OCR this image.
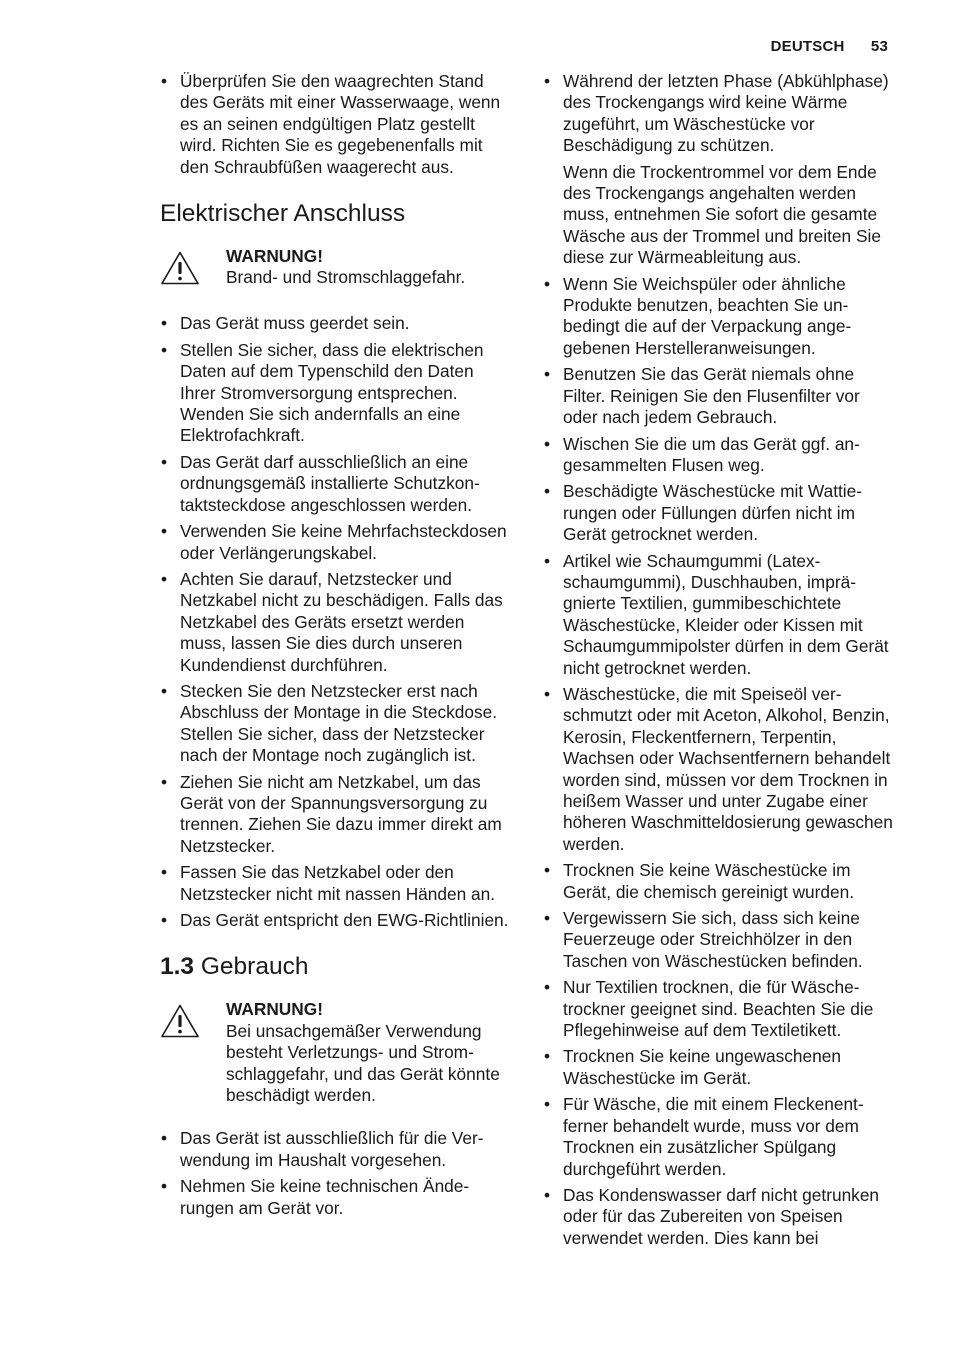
DEUTSCH 53
• Überprüfen Sie den waagrechten Stand des Geräts mit einer Wasserwaage, wenn es an seinen endgültigen Platz gestellt wird. Richten Sie es gegebenenfalls mit den Schraubfüßen waagerecht aus.
Elektrischer Anschluss
WARNUNG!
Brand- und Stromschlaggefahr.
• Das Gerät muss geerdet sein.
• Stellen Sie sicher, dass die elektrischen Daten auf dem Typenschild den Daten Ihrer Stromversorgung entsprechen. Wenden Sie sich andernfalls an eine Elektrofachkraft.
• Das Gerät darf ausschließlich an eine ordnungsgemäß installierte Schutzkontaktsteckdose angeschlossen werden.
• Verwenden Sie keine Mehrfachsteckdosen oder Verlängerungskabel.
• Achten Sie darauf, Netzstecker und Netzkabel nicht zu beschädigen. Falls das Netzkabel des Geräts ersetzt werden muss, lassen Sie dies durch unseren Kundendienst durchführen.
• Stecken Sie den Netzstecker erst nach Abschluss der Montage in die Steckdose. Stellen Sie sicher, dass der Netzstecker nach der Montage noch zugänglich ist.
• Ziehen Sie nicht am Netzkabel, um das Gerät von der Spannungsversorgung zu trennen. Ziehen Sie dazu immer direkt am Netzstecker.
• Fassen Sie das Netzkabel oder den Netzstecker nicht mit nassen Händen an.
• Das Gerät entspricht den EWG-Richtlinien.
1.3 Gebrauch
WARNUNG!
Bei unsachgemäßer Verwendung besteht Verletzungs- und Stromschlaggefahr, und das Gerät könnte beschädigt werden.
• Das Gerät ist ausschließlich für die Verwendung im Haushalt vorgesehen.
• Nehmen Sie keine technischen Änderungen am Gerät vor.
• Während der letzten Phase (Abkühlphase) des Trockengangs wird keine Wärme zugeführt, um Wäschestücke vor Beschädigung zu schützen.

Wenn die Trockentrommel vor dem Ende des Trockengangs angehalten werden muss, entnehmen Sie sofort die gesamte Wäsche aus der Trommel und breiten Sie diese zur Wärmeableitung aus.

• Wenn Sie Weichspüler oder ähnliche Produkte benutzen, beachten Sie unbedingt die auf der Verpackung angegebenen Herstelleranweisungen.
• Benutzen Sie das Gerät niemals ohne Filter. Reinigen Sie den Flusenfilter vor oder nach jedem Gebrauch.
• Wischen Sie die um das Gerät ggf. angesammelten Flusen weg.
• Beschädigte Wäschestücke mit Wattierungen oder Füllungen dürfen nicht im Gerät getrocknet werden.
• Artikel wie Schaumgummi (Latexschaumgummi), Duschhauben, imprägnierte Textilien, gummibeschichtete Wäschestücke, Kleider oder Kissen mit Schaumgummipolster dürfen in dem Gerät nicht getrocknet werden.
• Wäschestücke, die mit Speiseöl verschmutzt oder mit Aceton, Alkohol, Benzin, Kerosin, Fleckentfernern, Terpentin, Wachsen oder Wachsentfernern behandelt worden sind, müssen vor dem Trocknen in heißem Wasser und unter Zugabe einer höheren Waschmitteldosierung gewaschen werden.
• Trocknen Sie keine Wäschestücke im Gerät, die chemisch gereinigt wurden.
• Vergewissern Sie sich, dass sich keine Feuerzeuge oder Streichhölzer in den Taschen von Wäschestücken befinden.
• Nur Textilien trocknen, die für Wäschetrockner geeignet sind. Beachten Sie die Pflegehinweise auf dem Textiletikett.
• Trocknen Sie keine ungewaschenen Wäschestücke im Gerät.
• Für Wäsche, die mit einem Fleckenentferner behandelt wurde, muss vor dem Trocknen ein zusätzlicher Spülgang durchgeführt werden.
• Das Kondenswasser darf nicht getrunken oder für das Zubereiten von Speisen verwendet werden. Dies kann bei
